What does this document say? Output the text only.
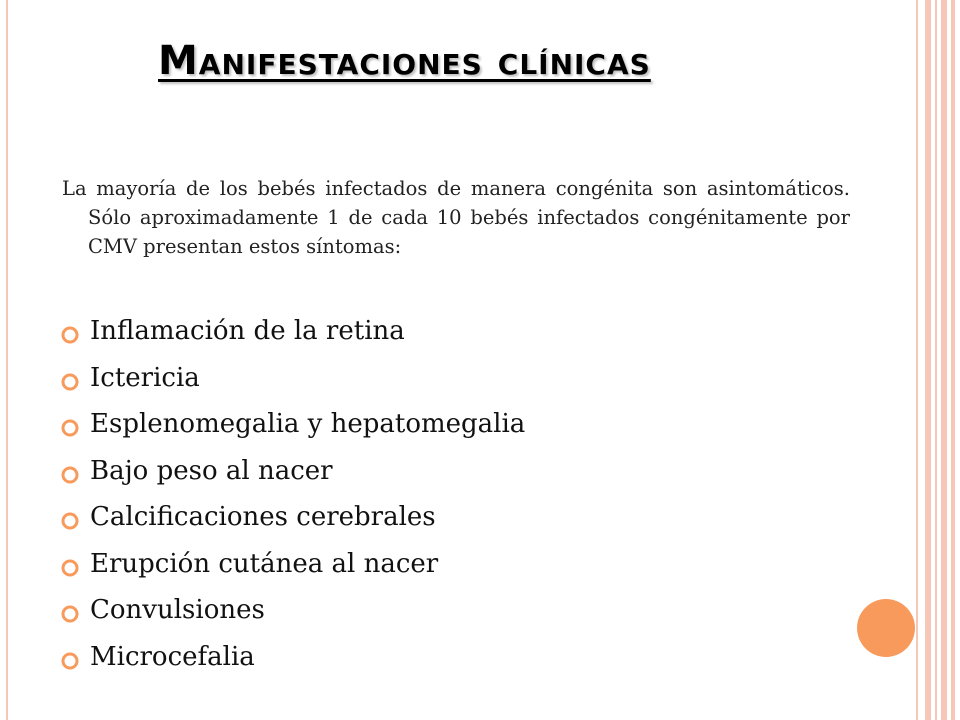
Manifestaciones clínicas

La mayoría de los bebés infectados de manera congénita son asintomáticos. Sólo aproximadamente 1 de cada 10 bebés infectados congénitamente por CMV presentan estos síntomas:

Inflamación de la retina
Ictericia
Esplenomegalia y hepatomegalia
Bajo peso al nacer
Calcificaciones cerebrales
Erupción cutánea al nacer
Convulsiones
Microcefalia
